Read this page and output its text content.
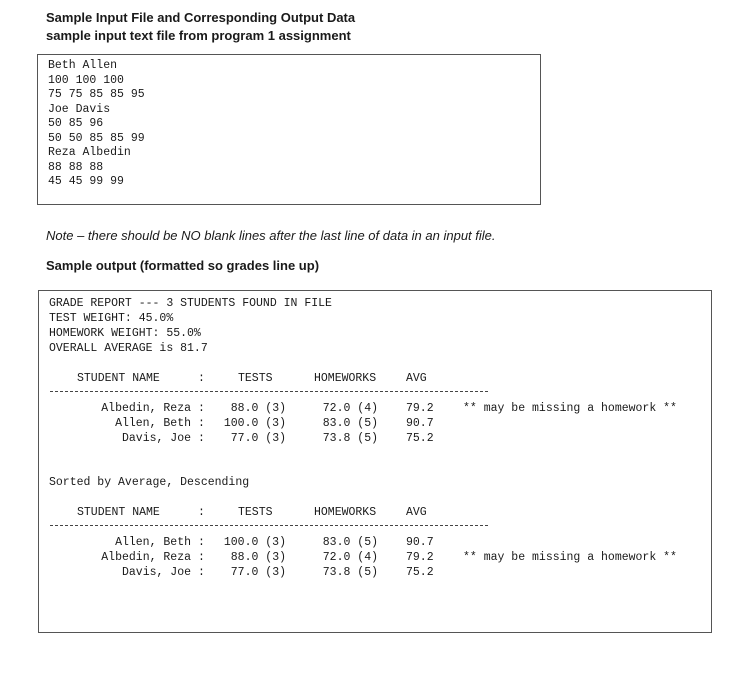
Sample Input File and Corresponding Output Data
sample input text file from program 1 assignment
Beth Allen
100 100 100
75 75 85 85 95
Joe Davis
50 85 96
50 50 85 85 99
Reza Albedin
88 88 88
45 45 99 99
Note – there should be NO blank lines after the last line of data in an input file.
Sample output (formatted so grades line up)
GRADE REPORT --- 3 STUDENTS FOUND IN FILE
TEST WEIGHT: 45.0%
HOMEWORK WEIGHT: 55.0%
OVERALL AVERAGE is 81.7
STUDENT NAME	:	TESTS	HOMEWORKS	AVG
Albedin, Reza : 88.0 (3)	72.0 (4) 79.2	** may be missing a homework **
Allen, Beth : 100.0 (3)	83.0 (5) 90.7
Davis, Joe : 77.0 (3)	73.8 (5) 75.2
Sorted by Average, Descending
STUDENT NAME	:	TESTS	HOMEWORKS	AVG
Allen, Beth : 100.0 (3)	83.0 (5) 90.7
Albedin, Reza : 88.0 (3)	72.0 (4) 79.2	** may be missing a homework **
Davis, Joe : 77.0 (3)	73.8 (5) 75.2
